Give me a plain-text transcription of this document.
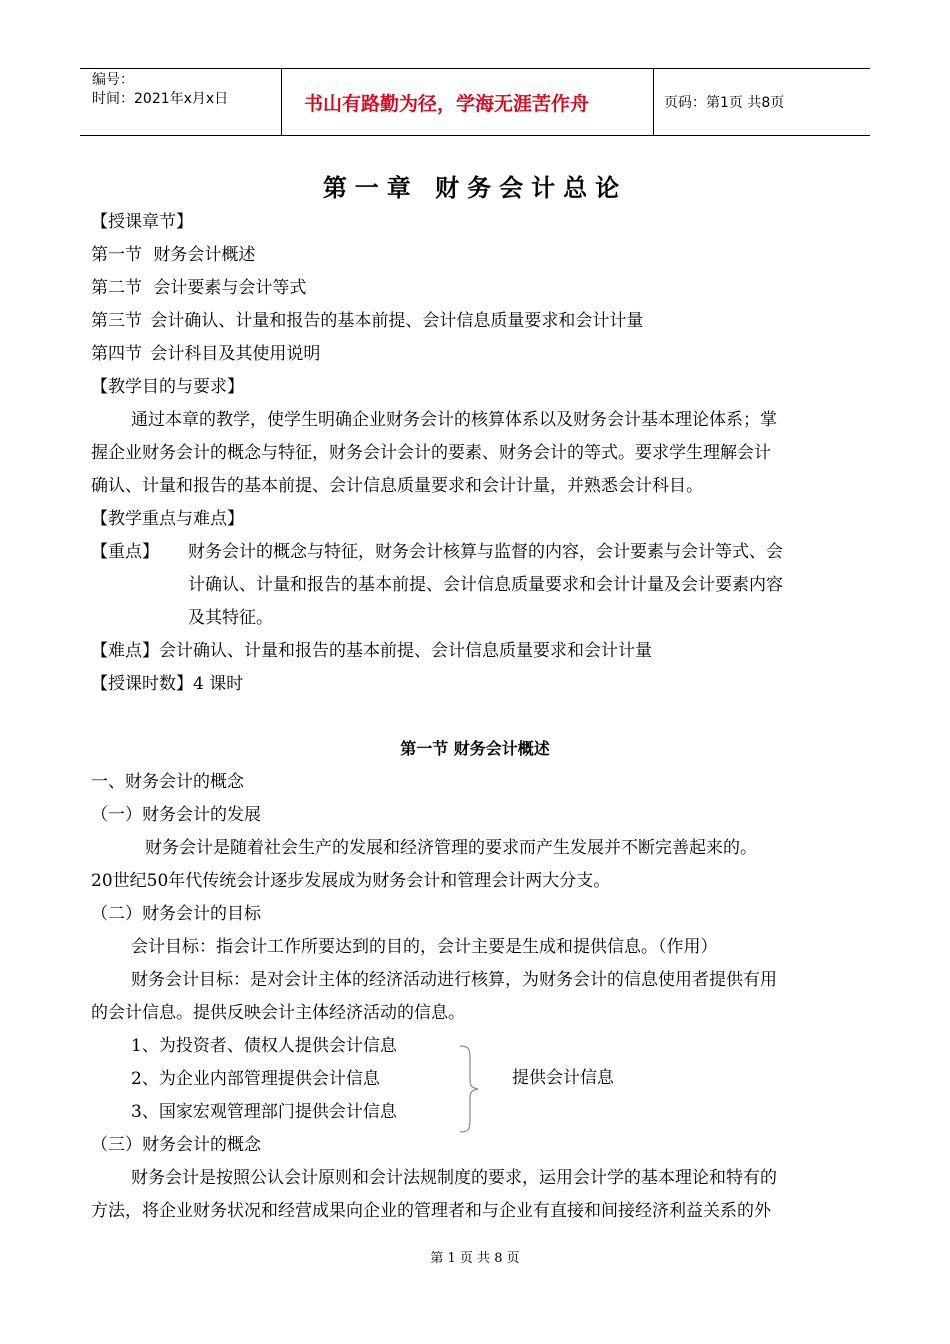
编号：
时间：2021年x月x日	书山有路勤为径，学海无涯苦作舟	页码：第1页 共8页
第一章 财务会计总论
【授课章节】
第一节 财务会计概述
第二节 会计要素与会计等式
第三节 会计确认、计量和报告的基本前提、会计信息质量要求和会计计量
第四节 会计科目及其使用说明
【教学目的与要求】
通过本章的教学，使学生明确企业财务会计的核算体系以及财务会计基本理论体系；掌
握企业财务会计的概念与特征，财务会计会计的要素、财务会计的等式。要求学生理解会计
确认、计量和报告的基本前提、会计信息质量要求和会计计量，并熟悉会计科目。
【教学重点与难点】
【重点】 财务会计的概念与特征，财务会计核算与监督的内容，会计要素与会计等式、会
计确认、计量和报告的基本前提、会计信息质量要求和会计计量及会计要素内容
及其特征。
【难点】会计确认、计量和报告的基本前提、会计信息质量要求和会计计量
【授课时数】4 课时
第一节 财务会计概述
一、财务会计的概念
（一）财务会计的发展
财务会计是随着社会生产的发展和经济管理的要求而产生发展并不断完善起来的。
20世纪50年代传统会计逐步发展成为财务会计和管理会计两大分支。
（二）财务会计的目标
会计目标：指会计工作所要达到的目的，会计主要是生成和提供信息。（作用）
财务会计目标：是对会计主体的经济活动进行核算，为财务会计的信息使用者提供有用
的会计信息。提供反映会计主体经济活动的信息。
1、为投资者、债权人提供会计信息
2、为企业内部管理提供会计信息
3、国家宏观管理部门提供会计信息
提供会计信息
（三）财务会计的概念
财务会计是按照公认会计原则和会计法规制度的要求，运用会计学的基本理论和特有的
方法，将企业财务状况和经营成果向企业的管理者和与企业有直接和间接经济利益关系的外
第 1 页 共 8 页
